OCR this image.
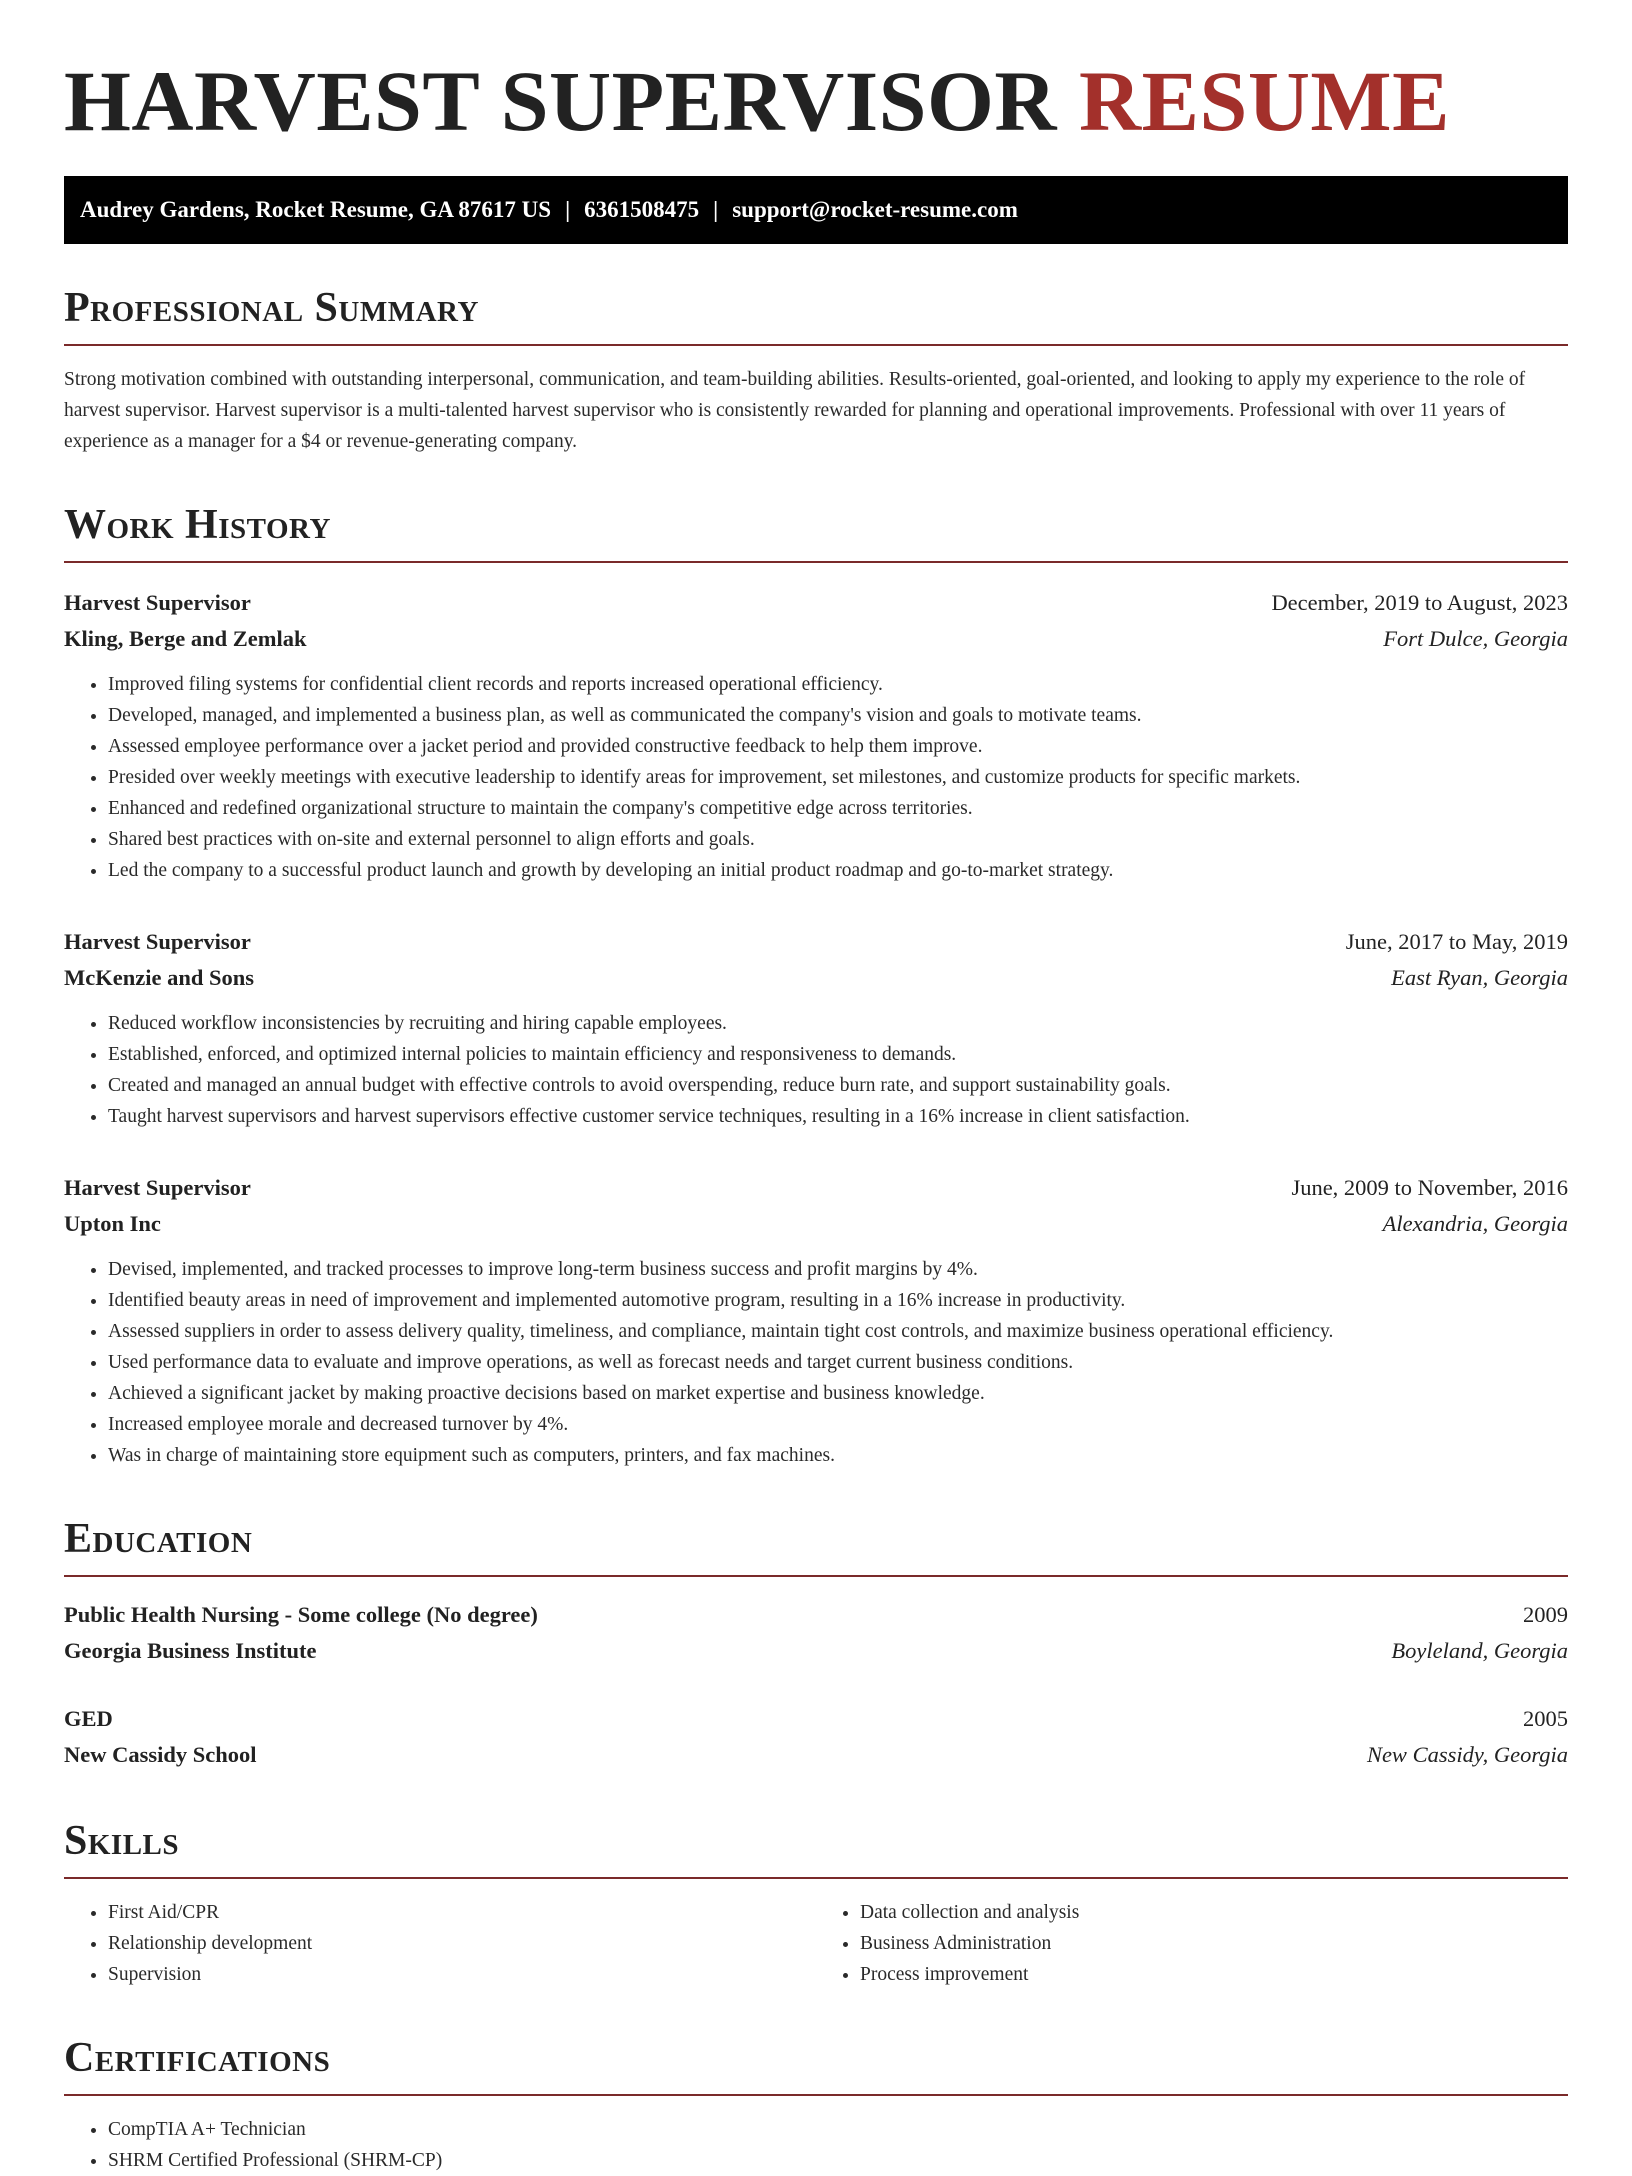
HARVEST SUPERVISOR RESUME
Audrey Gardens, Rocket Resume, GA 87617 US | 6361508475 | support@rocket-resume.com
Professional Summary

Strong motivation combined with outstanding interpersonal, communication, and team-building abilities. Results-oriented, goal-oriented, and looking to apply my experience to the role of harvest supervisor. Harvest supervisor is a multi-talented harvest supervisor who is consistently rewarded for planning and operational improvements. Professional with over 11 years of experience as a manager for a $4 or revenue-generating company.

Work History
Harvest Supervisor	December, 2019 to August, 2023
Kling, Berge and Zemlak	Fort Dulce, Georgia
• Improved filing systems for confidential client records and reports increased operational efficiency.
• Developed, managed, and implemented a business plan, as well as communicated the company's vision and goals to motivate teams.
• Assessed employee performance over a jacket period and provided constructive feedback to help them improve.
• Presided over weekly meetings with executive leadership to identify areas for improvement, set milestones, and customize products for specific markets.
• Enhanced and redefined organizational structure to maintain the company's competitive edge across territories.
• Shared best practices with on-site and external personnel to align efforts and goals.
• Led the company to a successful product launch and growth by developing an initial product roadmap and go-to-market strategy.
Harvest Supervisor	June, 2017 to May, 2019
McKenzie and Sons	East Ryan, Georgia
• Reduced workflow inconsistencies by recruiting and hiring capable employees.
• Established, enforced, and optimized internal policies to maintain efficiency and responsiveness to demands.
• Created and managed an annual budget with effective controls to avoid overspending, reduce burn rate, and support sustainability goals.
• Taught harvest supervisors and harvest supervisors effective customer service techniques, resulting in a 16% increase in client satisfaction.
Harvest Supervisor	June, 2009 to November, 2016
Upton Inc	Alexandria, Georgia
• Devised, implemented, and tracked processes to improve long-term business success and profit margins by 4%.
• Identified beauty areas in need of improvement and implemented automotive program, resulting in a 16% increase in productivity.
• Assessed suppliers in order to assess delivery quality, timeliness, and compliance, maintain tight cost controls, and maximize business operational efficiency.
• Used performance data to evaluate and improve operations, as well as forecast needs and target current business conditions.
• Achieved a significant jacket by making proactive decisions based on market expertise and business knowledge.
• Increased employee morale and decreased turnover by 4%.
• Was in charge of maintaining store equipment such as computers, printers, and fax machines.
Education
Public Health Nursing - Some college (No degree)	2009
Georgia Business Institute	Boyleland, Georgia
GED	2005
New Cassidy School	New Cassidy, Georgia
Skills
• First Aid/CPR
• Relationship development
• Supervision
• Data collection and analysis
• Business Administration
• Process improvement
Certifications
• CompTIA A+ Technician
• SHRM Certified Professional (SHRM-CP)
